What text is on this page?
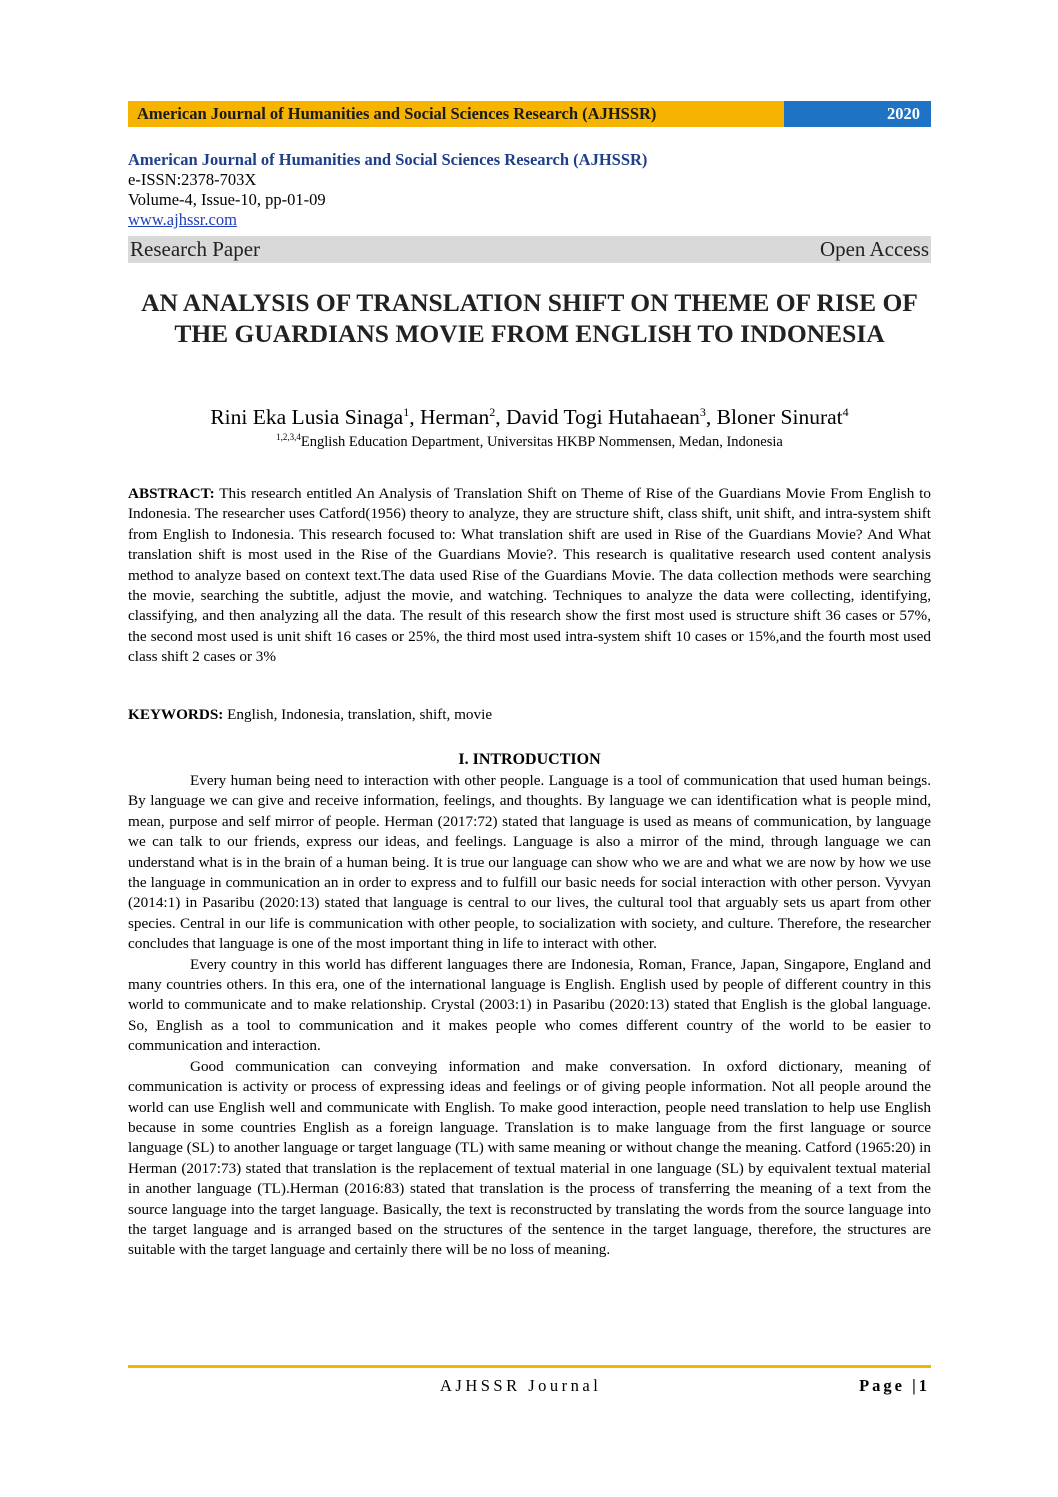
American Journal of Humanities and Social Sciences Research (AJHSSR)	2020
American Journal of Humanities and Social Sciences Research (AJHSSR)
e-ISSN:2378-703X
Volume-4, Issue-10, pp-01-09
www.ajhssr.com
Research Paper	Open Access
AN ANALYSIS OF TRANSLATION SHIFT ON THEME OF RISE OF THE GUARDIANS MOVIE FROM ENGLISH TO INDONESIA
Rini Eka Lusia Sinaga$^1$, Herman$^2$, David Togi Hutahaean$^3$, Bloner Sinurat$^4$
$^{1,2,3,4}$English Education Department, Universitas HKBP Nommensen, Medan, Indonesia
ABSTRACT: This research entitled An Analysis of Translation Shift on Theme of Rise of the Guardians Movie From English to Indonesia. The researcher uses Catford(1956) theory to analyze, they are structure shift, class shift, unit shift, and intra-system shift from English to Indonesia. This research focused to: What translation shift are used in Rise of the Guardians Movie? And What translation shift is most used in the Rise of the Guardians Movie?. This research is qualitative research used content analysis method to analyze based on context text.The data used Rise of the Guardians Movie. The data collection methods were searching the movie, searching the subtitle, adjust the movie, and watching. Techniques to analyze the data were collecting, identifying, classifying, and then analyzing all the data. The result of this research show the first most used is structure shift 36 cases or 57%, the second most used is unit shift 16 cases or 25%, the third most used intra-system shift 10 cases or 15%,and the fourth most used class shift 2 cases or 3%
KEYWORDS: English, Indonesia, translation, shift, movie
I. INTRODUCTION

Every human being need to interaction with other people. Language is a tool of communication that used human beings. By language we can give and receive information, feelings, and thoughts. By language we can identification what is people mind, mean, purpose and self mirror of people. Herman (2017:72) stated that language is used as means of communication, by language we can talk to our friends, express our ideas, and feelings. Language is also a mirror of the mind, through language we can understand what is in the brain of a human being. It is true our language can show who we are and what we are now by how we use the language in communication an in order to express and to fulfill our basic needs for social interaction with other person. Vyvyan (2014:1) in Pasaribu (2020:13) stated that language is central to our lives, the cultural tool that arguably sets us apart from other species. Central in our life is communication with other people, to socialization with society, and culture. Therefore, the researcher concludes that language is one of the most important thing in life to interact with other.

Every country in this world has different languages there are Indonesia, Roman, France, Japan, Singapore, England and many countries others. In this era, one of the international language is English. English used by people of different country in this world to communicate and to make relationship. Crystal (2003:1) in Pasaribu (2020:13) stated that English is the global language. So, English as a tool to communication and it makes people who comes different country of the world to be easier to communication and interaction.

Good communication can conveying information and make conversation. In oxford dictionary, meaning of communication is activity or process of expressing ideas and feelings or of giving people information. Not all people around the world can use English well and communicate with English. To make good interaction, people need translation to help use English because in some countries English as a foreign language. Translation is to make language from the first language or source language (SL) to another language or target language (TL) with same meaning or without change the meaning. Catford (1965:20) in Herman (2017:73) stated that translation is the replacement of textual material in one language (SL) by equivalent textual material in another language (TL).Herman (2016:83) stated that translation is the process of transferring the meaning of a text from the source language into the target language. Basically, the text is reconstructed by translating the words from the source language into the target language and is arranged based on the structures of the sentence in the target language, therefore, the structures are suitable with the target language and certainly there will be no loss of meaning.

AJHSSR Journal	Page |1
